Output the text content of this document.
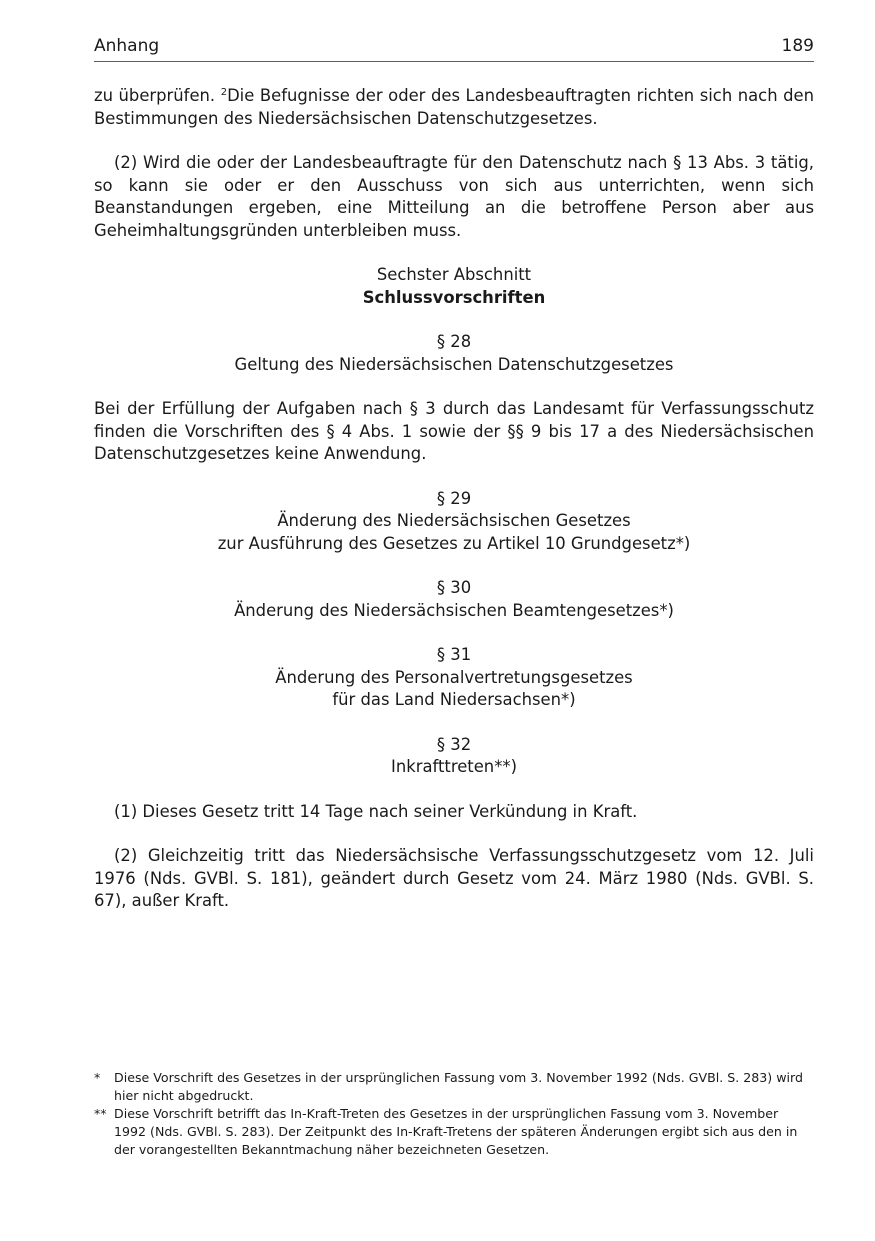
Anhang	189

zu überprüfen. $^2$Die Befugnisse der oder des Landesbeauftragten richten sich nach den Bestimmungen des Niedersächsischen Datenschutzgesetzes.

(2) Wird die oder der Landesbeauftragte für den Datenschutz nach § 13 Abs. 3 tätig, so kann sie oder er den Ausschuss von sich aus unterrichten, wenn sich Beanstandungen ergeben, eine Mitteilung an die betroffene Person aber aus Geheimhaltungsgründen unterbleiben muss.

Sechster Abschnitt
Schlussvorschriften
§ 28
Geltung des Niedersächsischen Datenschutzgesetzes

Bei der Erfüllung der Aufgaben nach § 3 durch das Landesamt für Verfassungsschutz finden die Vorschriften des § 4 Abs. 1 sowie der §§ 9 bis 17 a des Niedersächsischen Datenschutzgesetzes keine Anwendung.

§ 29
Änderung des Niedersächsischen Gesetzes
zur Ausführung des Gesetzes zu Artikel 10 Grundgesetz*)
§ 30
Änderung des Niedersächsischen Beamtengesetzes*)
§ 31
Änderung des Personalvertretungsgesetzes
für das Land Niedersachsen*)
§ 32
Inkrafttreten**)

(1) Dieses Gesetz tritt 14 Tage nach seiner Verkündung in Kraft.

(2) Gleichzeitig tritt das Niedersächsische Verfassungsschutzgesetz vom 12. Juli 1976 (Nds. GVBl. S. 181), geändert durch Gesetz vom 24. März 1980 (Nds. GVBl. S. 67), außer Kraft.

*	Diese Vorschrift des Gesetzes in der ursprünglichen Fassung vom 3. November 1992 (Nds. GVBl. S. 283) wird hier nicht abgedruckt.
** Diese Vorschrift betrifft das In-Kraft-Treten des Gesetzes in der ursprünglichen Fassung vom 3. November 1992 (Nds. GVBl. S. 283). Der Zeitpunkt des In-Kraft-Tretens der späteren Änderungen ergibt sich aus den in der vorangestellten Bekanntmachung näher bezeichneten Gesetzen.
